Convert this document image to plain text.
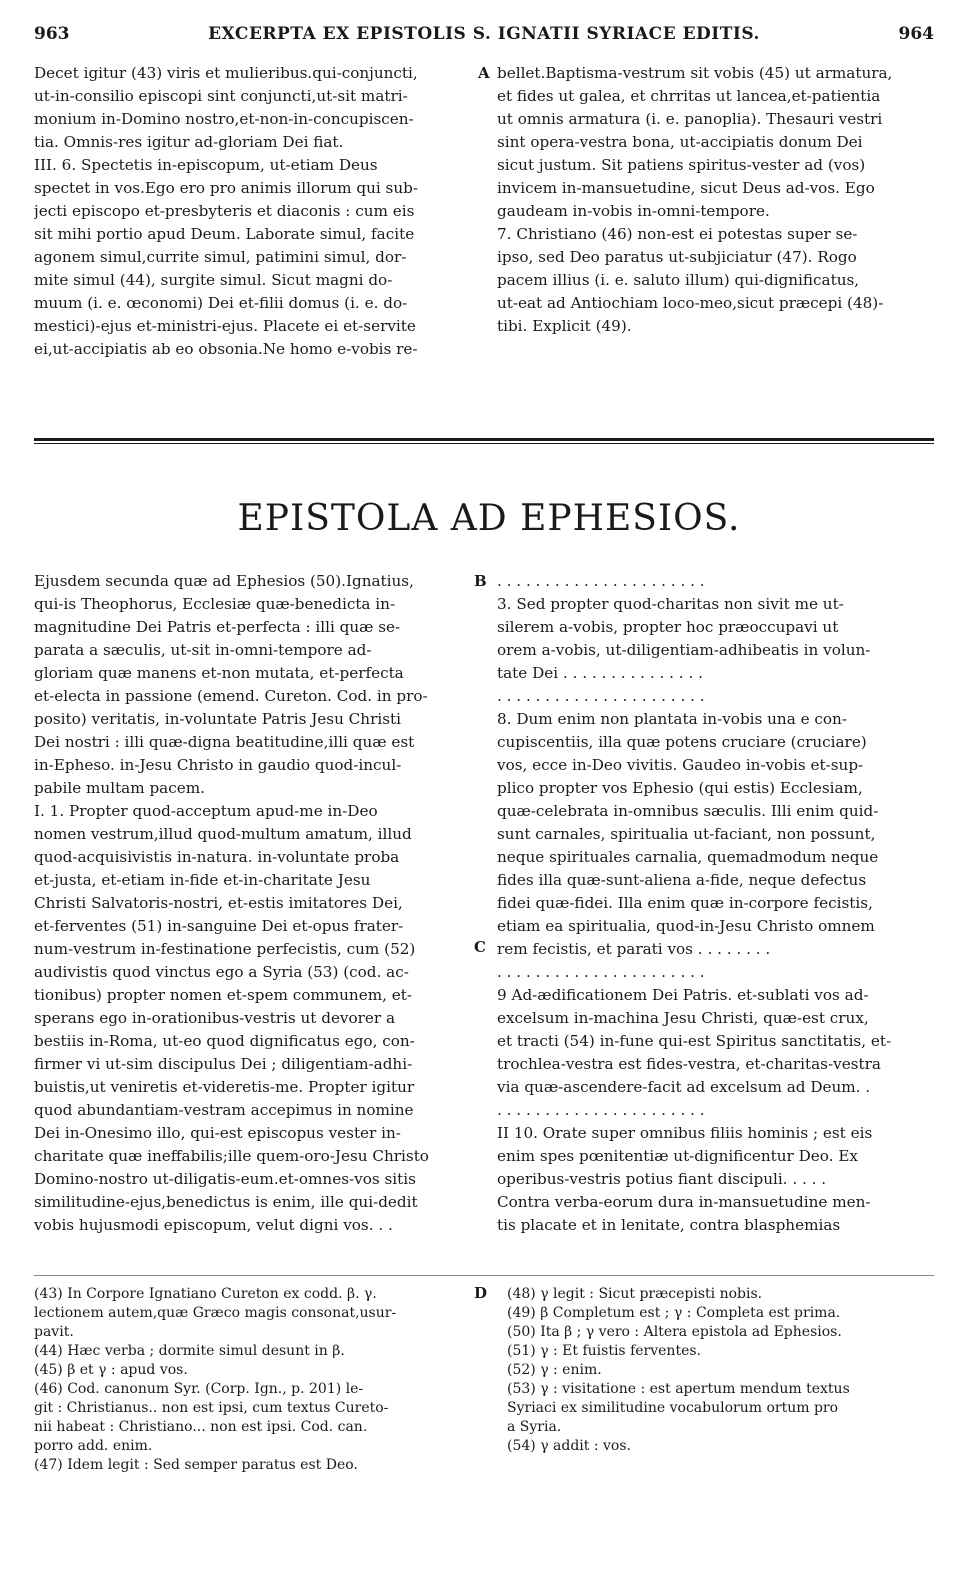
963	EXCERPTA EX EPISTOLIS S. IGNATII SYRIACE EDITIS.	964
Decet igitur (43) viris et mulieribus.qui-conjuncti,
ut-in-consilio episcopi sint conjuncti,ut-sit matri-
monium in-Domino nostro,et-non-in-concupiscen-
tia. Omnis-res igitur ad-gloriam Dei fiat.
III. 6. Spectetis in-episcopum, ut-etiam Deus
spectet in vos.Ego ero pro animis illorum qui sub-
jecti episcopo et-presbyteris et diaconis : cum eis
sit mihi portio apud Deum. Laborate simul, facite
agonem simul,currite simul, patimini simul, dor-
mite simul (44), surgite simul. Sicut magni do-
muum (i. e. œconomi) Dei et-filii domus (i. e. do-
mestici)-ejus et-ministri-ejus. Placete ei et-servite
ei,ut-accipiatis ab eo obsonia.Ne homo e-vobis re-
bellet.Baptisma-vestrum sit vobis (45) ut armatura,
et fides ut galea, et chrritas ut lancea,et-patientia
ut omnis armatura (i. e. panoplia). Thesauri vestri
sint opera-vestra bona, ut-accipiatis donum Dei
sicut justum. Sit patiens spiritus-vester ad (vos)
invicem in-mansuetudine, sicut Deus ad-vos. Ego
gaudeam in-vobis in-omni-tempore.
7. Christiano (46) non-est ei potestas super se-
ipso, sed Deo paratus ut-subjiciatur (47). Rogo
pacem illius (i. e. saluto illum) qui-dignificatus,
ut-eat ad Antiochiam loco-meo,sicut præcepi (48)-
tibi. Explicit (49).
A
EPISTOLA AD EPHESIOS.
Ejusdem secunda quæ ad Ephesios (50).Ignatius,
qui-is Theophorus, Ecclesiæ quæ-benedicta in-
magnitudine Dei Patris et-perfecta : illi quæ se-
parata a sæculis, ut-sit in-omni-tempore ad-
gloriam quæ manens et-non mutata, et-perfecta
et-electa in passione (emend. Cureton. Cod. in pro-
posito) veritatis, in-voluntate Patris Jesu Christi
Dei nostri : illi quæ-digna beatitudine,illi quæ est
in-Epheso. in-Jesu Christo in gaudio quod-incul-
pabile multam pacem.
I. 1. Propter quod-acceptum apud-me in-Deo
nomen vestrum,illud quod-multum amatum, illud
quod-acquisivistis in-natura. in-voluntate proba
et-justa, et-etiam in-fide et-in-charitate Jesu
Christi Salvatoris-nostri, et-estis imitatores Dei,
et-ferventes (51) in-sanguine Dei et-opus frater-
num-vestrum in-festinatione perfecistis, cum (52)
audivistis quod vinctus ego a Syria (53) (cod. ac-
tionibus) propter nomen et-spem communem, et-
sperans ego in-orationibus-vestris ut devorer a
bestiis in-Roma, ut-eo quod dignificatus ego, con-
firmer vi ut-sim discipulus Dei ; diligentiam-adhi-
buistis,ut veniretis et-videretis-me. Propter igitur
quod abundantiam-vestram accepimus in nomine
Dei in-Onesimo illo, qui-est episcopus vester in-
charitate quæ ineffabilis;ille quem-oro-Jesu Christo
Domino-nostro ut-diligatis-eum.et-omnes-vos sitis
similitudine-ejus,benedictus is enim, ille qui-dedit
vobis hujusmodi episcopum, velut digni vos. . .
. . . . . . . . . . . . . . . . . . . . . .
3. Sed propter quod-charitas non sivit me ut-
silerem a-vobis, propter hoc præoccupavi ut
orem a-vobis, ut-diligentiam-adhibeatis in volun-
tate Dei . . . . . . . . . . . . . . .
. . . . . . . . . . . . . . . . . . . . . .
8. Dum enim non plantata in-vobis una e con-
cupiscentiis, illa quæ potens cruciare (cruciare)
vos, ecce in-Deo vivitis. Gaudeo in-vobis et-sup-
plico propter vos Ephesio (qui estis) Ecclesiam,
quæ-celebrata in-omnibus sæculis. Illi enim quid-
sunt carnales, spiritualia ut-faciant, non possunt,
neque spirituales carnalia, quemadmodum neque
fides illa quæ-sunt-aliena a-fide, neque defectus
fidei quæ-fidei. Illa enim quæ in-corpore fecistis,
etiam ea spiritualia, quod-in-Jesu Christo omnem
rem fecistis, et parati vos . . . . . . . .
. . . . . . . . . . . . . . . . . . . . . .
9 Ad-ædificationem Dei Patris. et-sublati vos ad-
excelsum in-machina Jesu Christi, quæ-est crux,
et tracti (54) in-fune qui-est Spiritus sanctitatis, et-
trochlea-vestra est fides-vestra, et-charitas-vestra
via quæ-ascendere-facit ad excelsum ad Deum. .
. . . . . . . . . . . . . . . . . . . . . .
II 10. Orate super omnibus filiis hominis ; est eis
enim spes pœnitentiæ ut-dignificentur Deo. Ex
operibus-vestris potius fiant discipuli. . . . .
Contra verba-eorum dura in-mansuetudine men-
tis placate et in lenitate, contra blasphemias
B
C
D
(43) In Corpore Ignatiano Cureton ex codd. β. γ.
lectionem autem,quæ Græco magis consonat,usur-
pavit.
(44) Hæc verba ; dormite simul desunt in β.
(45) β et γ : apud vos.
(46) Cod. canonum Syr. (Corp. Ign., p. 201) le-
git : Christianus.. non est ipsi, cum textus Cureto-
nii habeat : Christiano... non est ipsi. Cod. can.
porro add. enim.
(47) Idem legit : Sed semper paratus est Deo.
(48) γ legit : Sicut præcepisti nobis.
(49) β Completum est ; γ : Completa est prima.
(50) Ita β ; γ vero : Altera epistola ad Ephesios.
(51) γ : Et fuistis ferventes.
(52) γ : enim.
(53) γ : visitatione : est apertum mendum textus
Syriaci ex similitudine vocabulorum ortum pro
a Syria.
(54) γ addit : vos.
